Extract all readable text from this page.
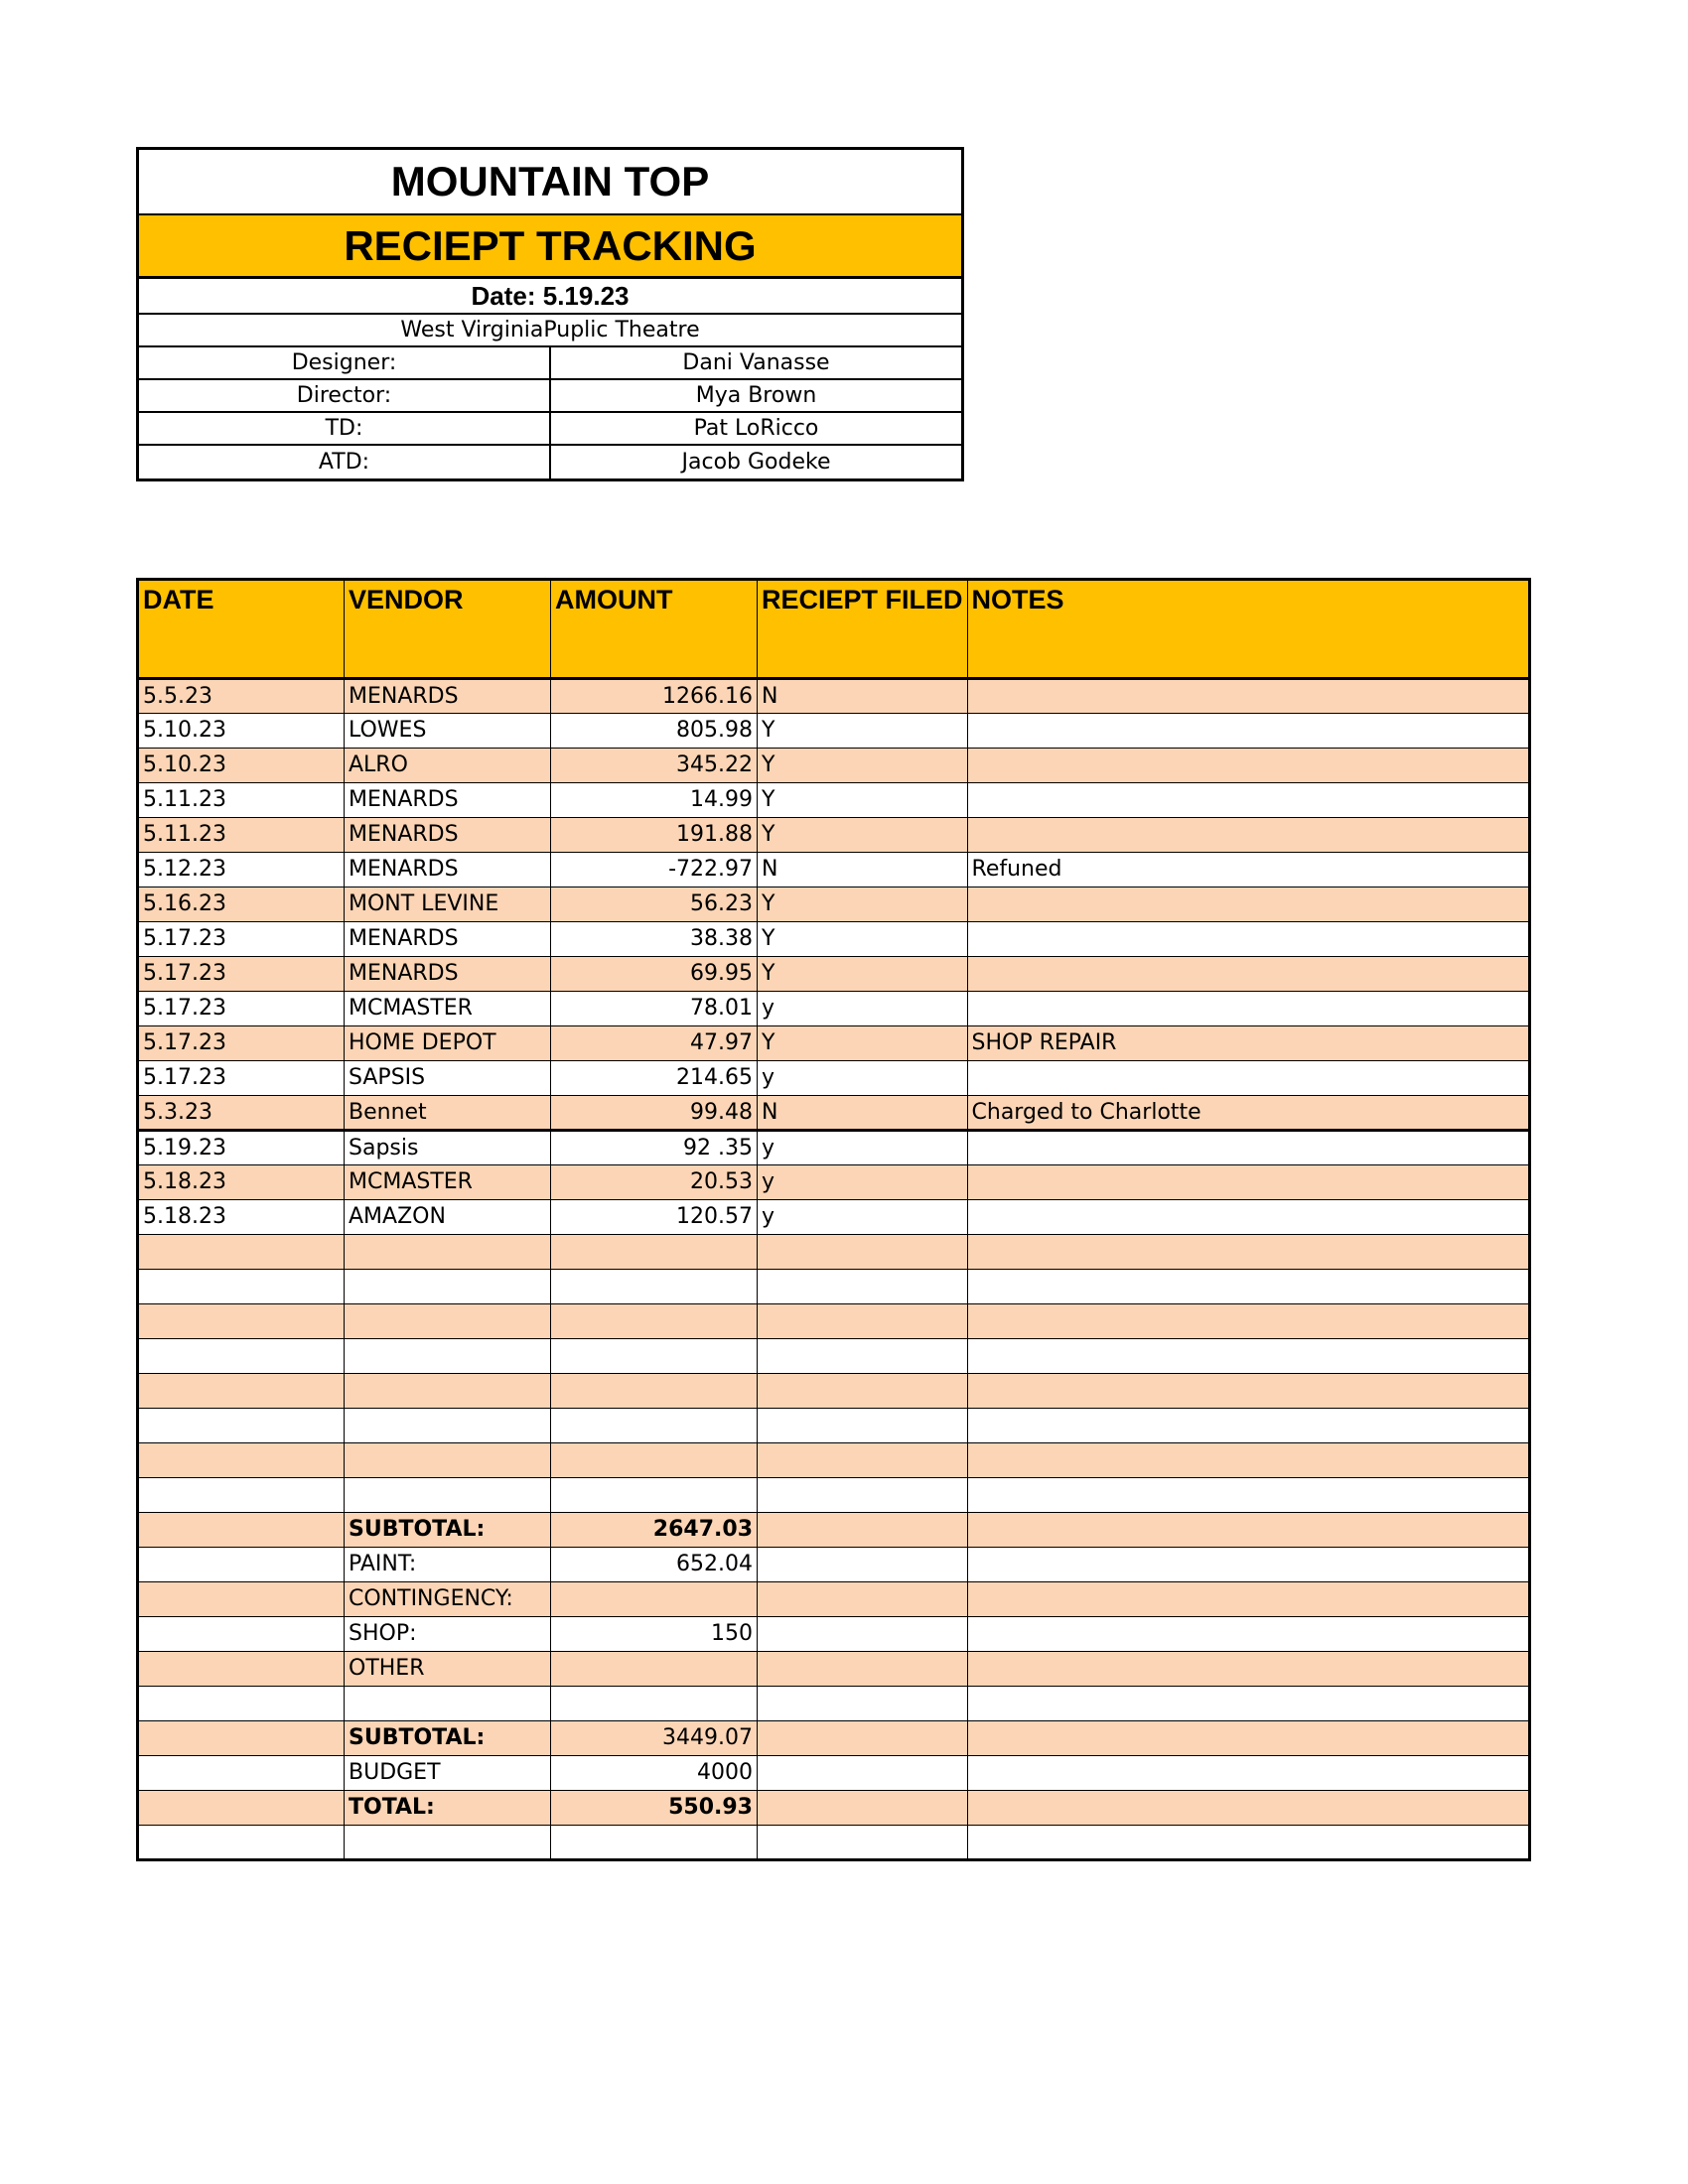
MOUNTAIN TOP
RECIEPT TRACKING
Date: 5.19.23
West VirginiaPuplic Theatre
Designer:	Dani Vanasse
Director:	Mya Brown
TD:	Pat LoRicco
ATD:	Jacob Godeke
DATE	VENDOR	AMOUNT	RECIEPT FILED	NOTES
5.5.23	MENARDS	1266.16	N	
5.10.23	LOWES	805.98	Y	
5.10.23	ALRO	345.22	Y	
5.11.23	MENARDS	14.99	Y	
5.11.23	MENARDS	191.88	Y	
5.12.23	MENARDS	-722.97	N	Refuned
5.16.23	MONT LEVINE	56.23	Y	
5.17.23	MENARDS	38.38	Y	
5.17.23	MENARDS	69.95	Y	
5.17.23	MCMASTER	78.01	y	
5.17.23	HOME DEPOT	47.97	Y	SHOP REPAIR
5.17.23	SAPSIS	214.65	y	
5.3.23	Bennet	99.48	N	Charged to Charlotte
5.19.23	Sapsis	92 .35	y	
5.18.23	MCMASTER	20.53	y	
5.18.23	AMAZON	120.57	y	

	SUBTOTAL:	2647.03		
	PAINT:	652.04		
	CONTINGENCY:			
	SHOP:	150		
	OTHER			

	SUBTOTAL:	3449.07		
	BUDGET	4000		
	TOTAL:	550.93		
